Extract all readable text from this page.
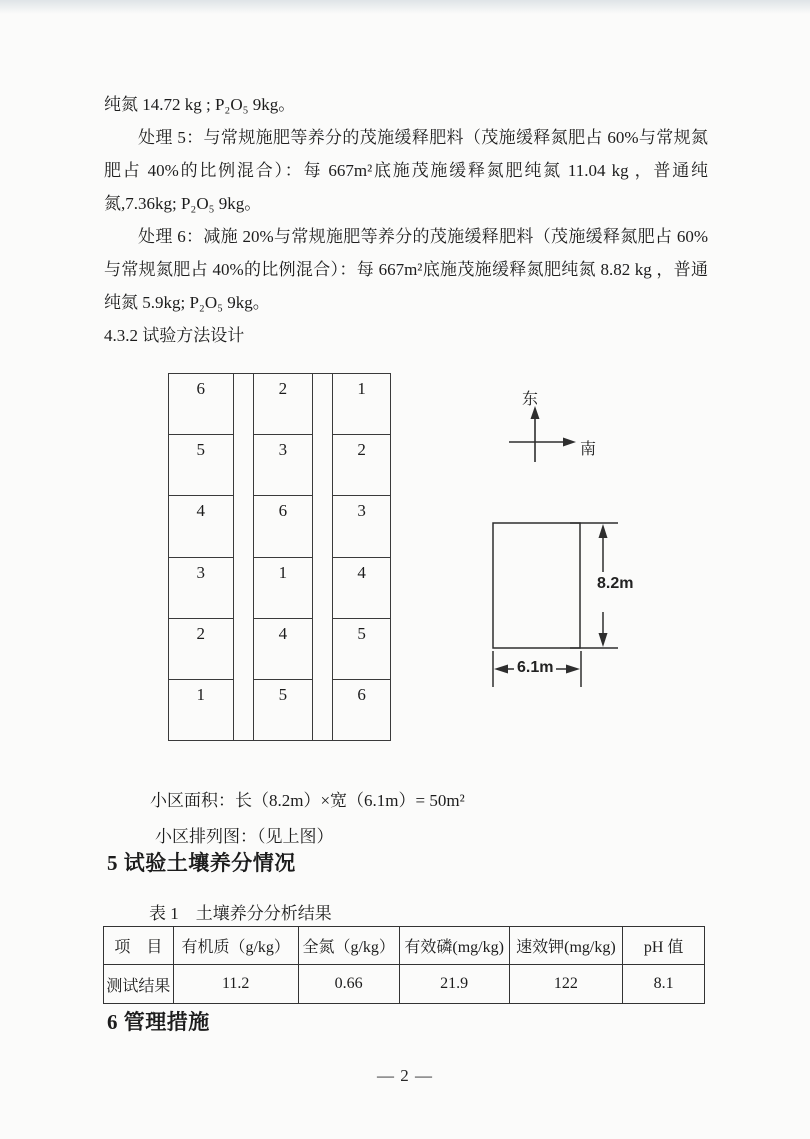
纯氮 14.72 kg ; P₂O₅ 9kg。

处理 5：与常规施肥等养分的茂施缓释肥料（茂施缓释氮肥占 60%与常规氮肥占 40%的比例混合）：每 667m²底施茂施缓释氮肥纯氮 11.04 kg ，普通纯氮,7.36kg; P₂O₅ 9kg。

处理 6：减施 20%与常规施肥等养分的茂施缓释肥料（茂施缓释氮肥占 60%与常规氮肥占 40%的比例混合）：每 667m²底施茂施缓释氮肥纯氮 8.82 kg ，普通纯氮 5.9kg; P₂O₅ 9kg。

4.3.2 试验方法设计

6
5
4
3
2
1
2
3
6
1
4
5
1
2
3
4
5
6
东
南
8.2m
6.1m
小区面积：长（8.2m）×宽（6.1m）= 50m²
小区排列图：（见上图）
5 试验土壤养分情况
表 1　土壤养分分析结果
项　目	有机质（g/kg）	全氮（g/kg）	有效磷(mg/kg)	速效钾(mg/kg)	pH 值
测试结果	11.2	0.66	21.9	122	8.1
6 管理措施
— 2 —
